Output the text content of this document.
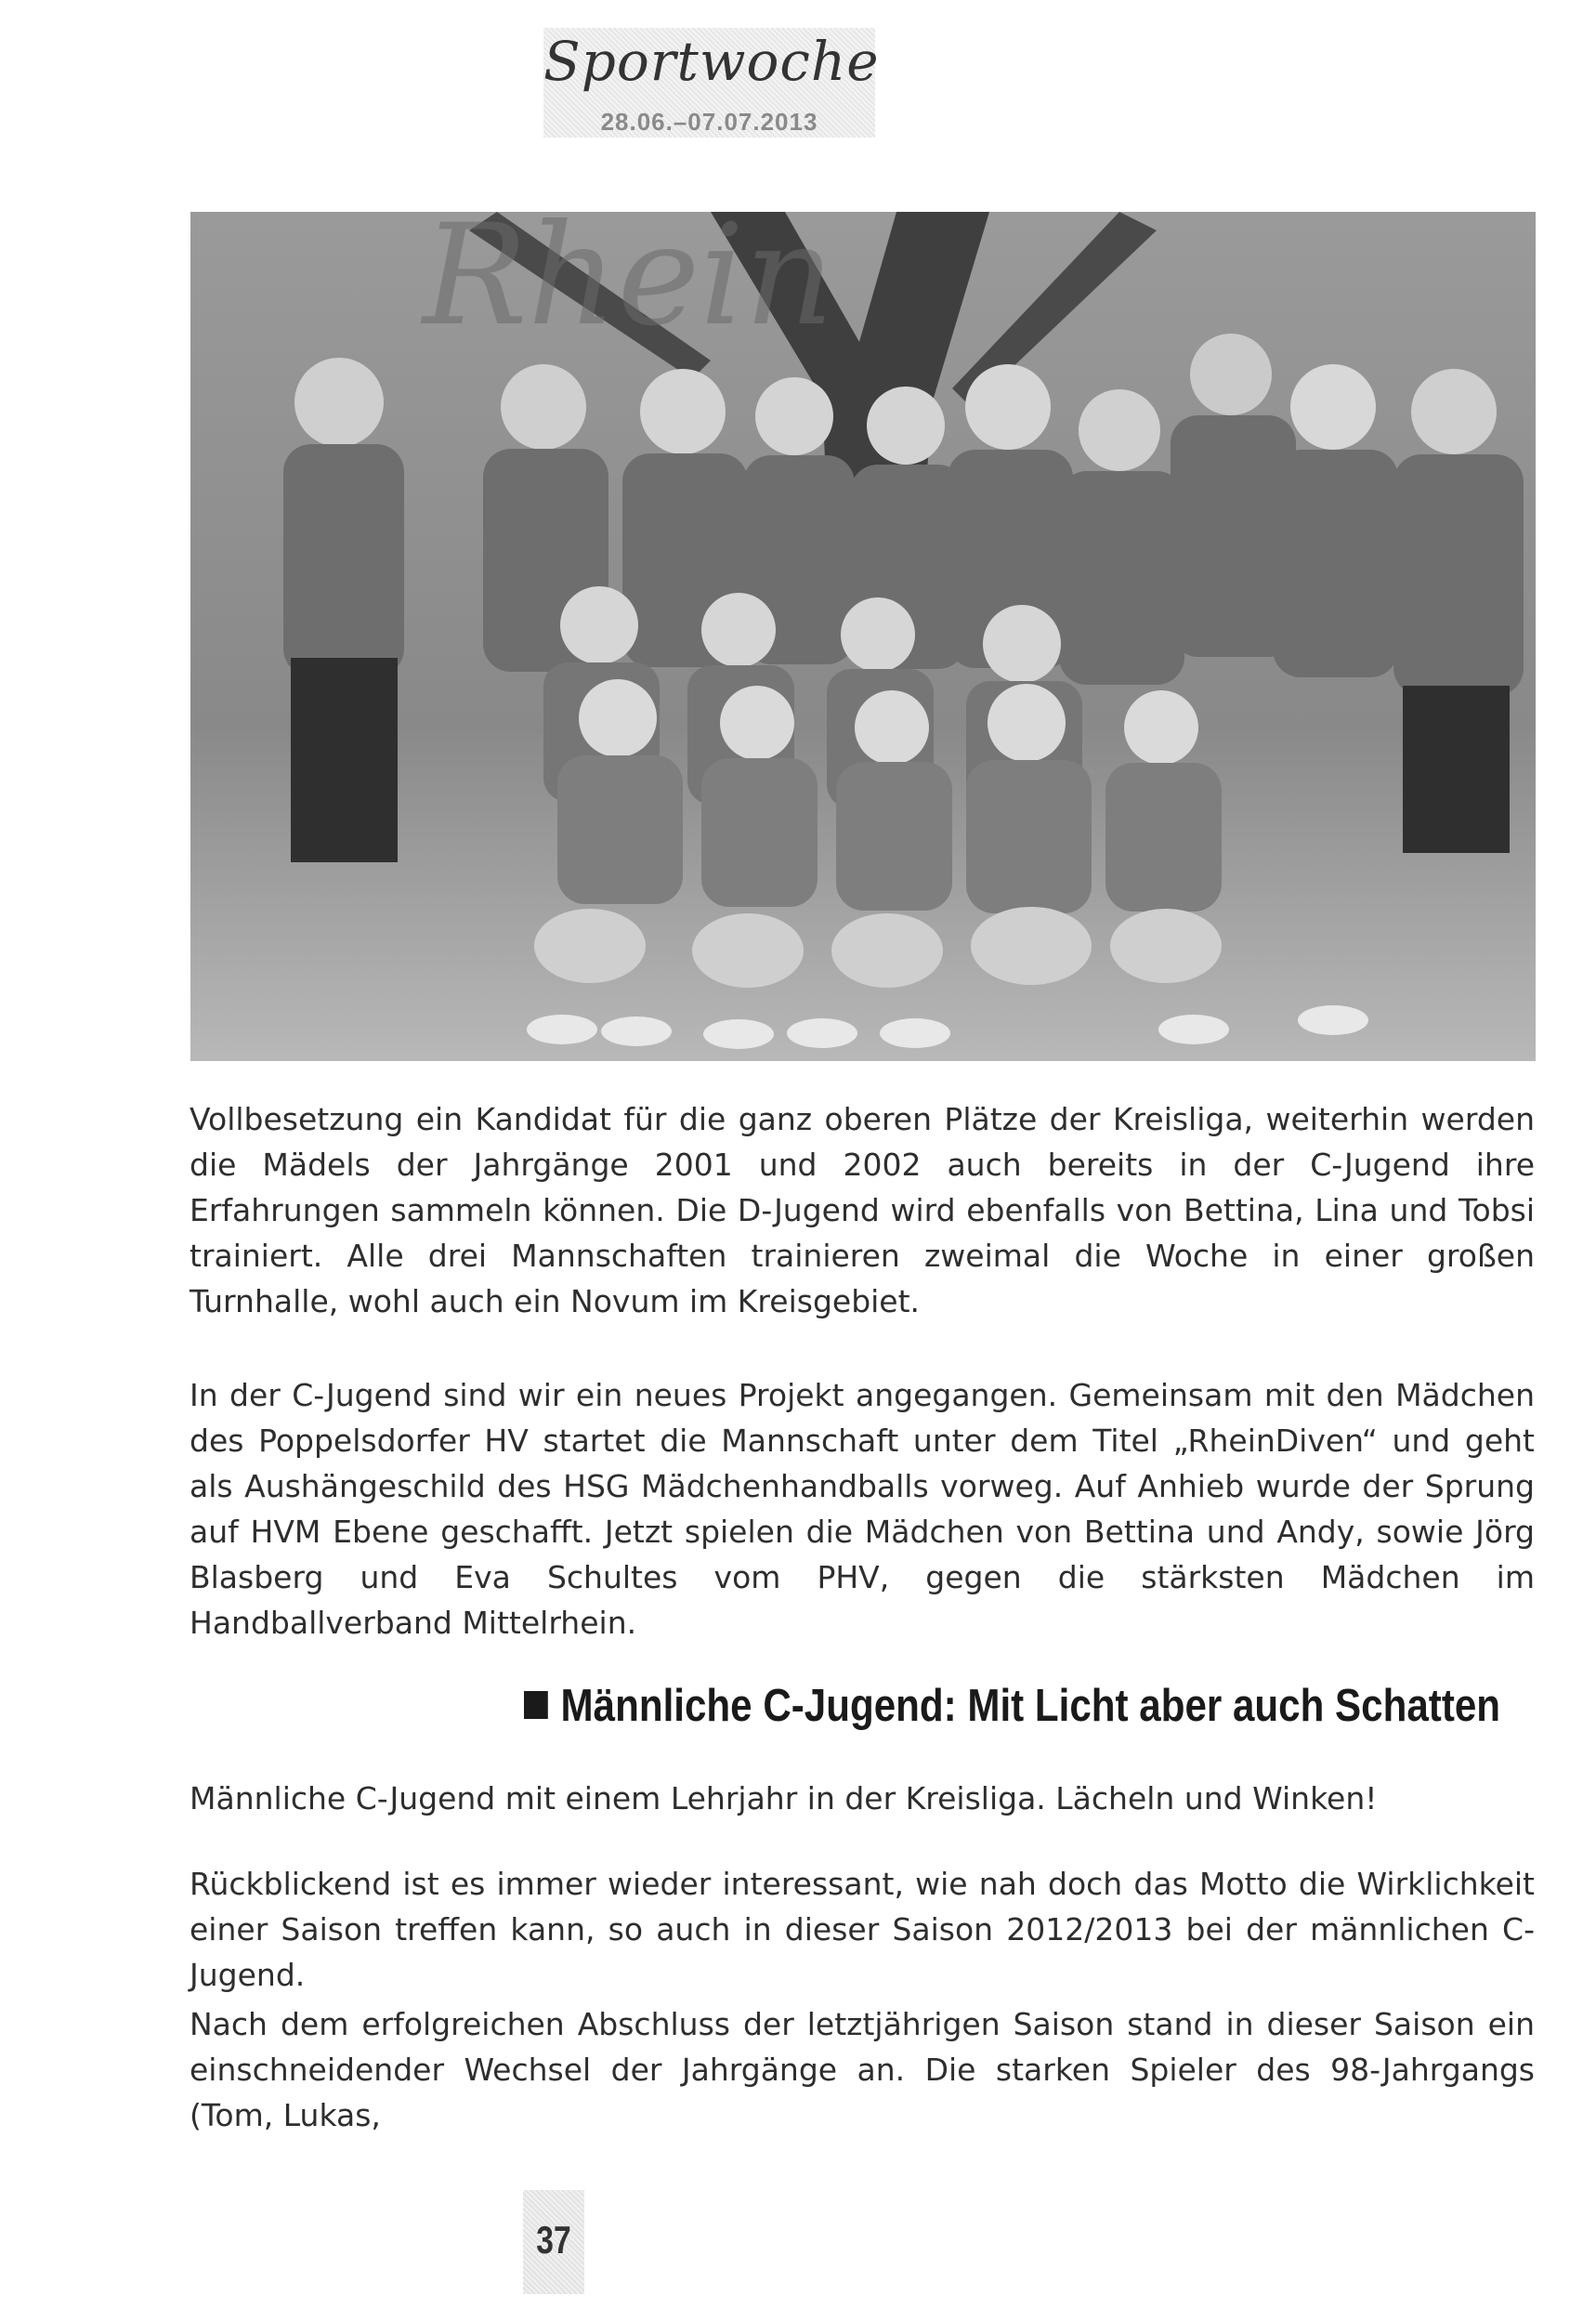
Sportwoche
28.06.–07.07.2013
Rhein

Vollbesetzung ein Kandidat für die ganz oberen Plätze der Kreisliga, weiterhin werden die Mädels der Jahrgänge 2001 und 2002 auch bereits in der C-Jugend ihre Erfahrungen sammeln können. Die D-Jugend wird ebenfalls von Bettina, Lina und Tobsi trainiert. Alle drei Mannschaften trainieren zweimal die Woche in einer großen Turnhalle, wohl auch ein Novum im Kreisgebiet.

In der C-Jugend sind wir ein neues Projekt angegangen. Gemeinsam mit den Mädchen des Poppelsdorfer HV startet die Mannschaft unter dem Titel „RheinDiven“ und geht als Aushängeschild des HSG Mädchenhandballs vorweg. Auf Anhieb wurde der Sprung auf HVM Ebene geschafft. Jetzt spielen die Mädchen von Bettina und Andy, sowie Jörg Blasberg und Eva Schultes vom PHV, gegen die stärksten Mädchen im Handballverband Mittelrhein.

Männliche C-Jugend: Mit Licht aber auch Schatten

Männliche C-Jugend mit einem Lehrjahr in der Kreisliga. Lächeln und Winken!

Rückblickend ist es immer wieder interessant, wie nah doch das Motto die Wirklichkeit einer Saison treffen kann, so auch in dieser Saison 2012/2013 bei der männlichen C-Jugend.

Nach dem erfolgreichen Abschluss der letztjährigen Saison stand in dieser Saison ein einschneidender Wechsel der Jahrgänge an. Die starken Spieler des 98-Jahrgangs (Tom, Lukas,

37
